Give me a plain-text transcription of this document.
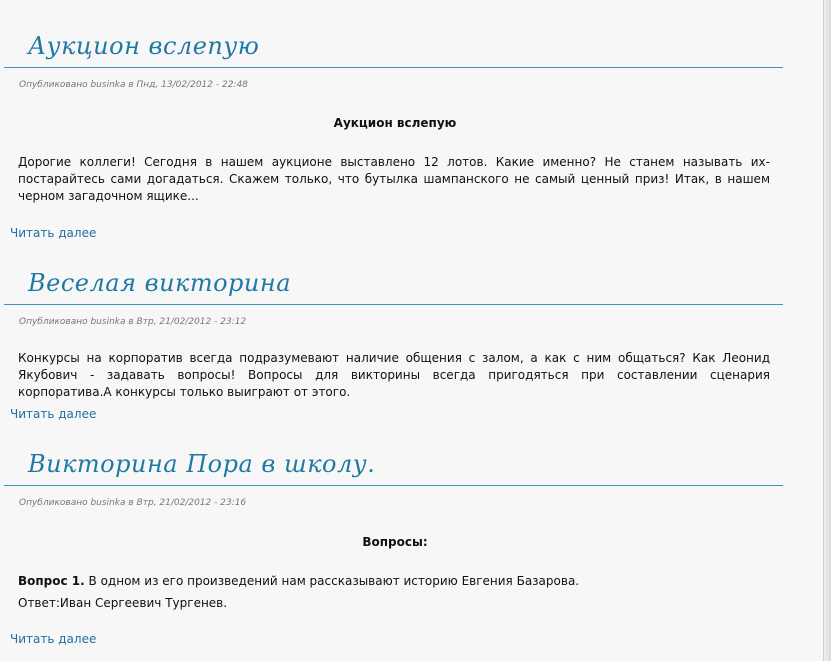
Аукцион вслепую
Опубликовано businka в Пнд, 13/02/2012 - 22:48
Аукцион вслепую
Дорогие коллеги! Сегодня в нашем аукционе выставлено 12 лотов. Какие именно? Не станем называть их- постарайтесь сами догадаться. Скажем только, что бутылка шампанского не самый ценный приз! Итак, в нашем черном загадочном ящике...
Читать далее
Веселая викторина
Опубликовано businka в Втр, 21/02/2012 - 23:12
Конкурсы на корпоратив всегда подразумевают наличие общения с залом, а как с ним общаться? Как Леонид Якубович - задавать вопросы! Вопросы для викторины всегда пригодяться при составлении сценария корпоратива.А конкурсы только выиграют от этого.
Читать далее
Викторина Пора в школу.
Опубликовано businka в Втр, 21/02/2012 - 23:16
Вопросы:
Вопрос 1. В одном из его произведений нам рассказывают историю Евгения Базарова.
Ответ:Иван Сергеевич Тургенев.
Читать далее
